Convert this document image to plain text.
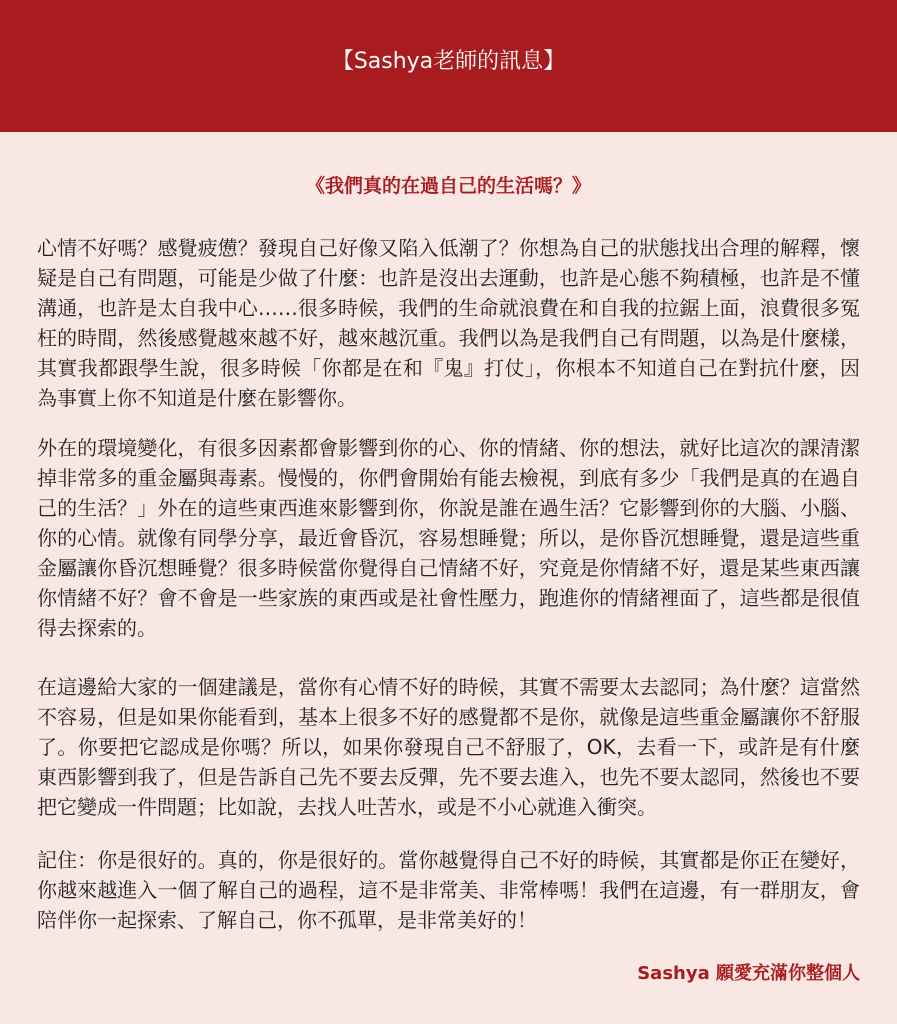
【Sashya老師的訊息】
《我們真的在過自己的生活嗎？》

心情不好嗎？感覺疲憊？發現自己好像又陷入低潮了？你想為自己的狀態找出合理的解釋，懷疑是自己有問題，可能是少做了什麼：也許是沒出去運動，也許是心態不夠積極，也許是不懂溝通，也許是太自我中心……很多時候，我們的生命就浪費在和自我的拉鋸上面，浪費很多冤枉的時間，然後感覺越來越不好，越來越沉重。我們以為是我們自己有問題，以為是什麼樣，其實我都跟學生說，很多時候「你都是在和『鬼』打仗」，你根本不知道自己在對抗什麼，因為事實上你不知道是什麼在影響你。

外在的環境變化，有很多因素都會影響到你的心、你的情緒、你的想法，就好比這次的課清潔掉非常多的重金屬與毒素。慢慢的，你們會開始有能去檢視，到底有多少「我們是真的在過自己的生活？」外在的這些東西進來影響到你，你說是誰在過生活？它影響到你的大腦、小腦、你的心情。就像有同學分享，最近會昏沉，容易想睡覺；所以，是你昏沉想睡覺，還是這些重金屬讓你昏沉想睡覺？很多時候當你覺得自己情緒不好，究竟是你情緒不好，還是某些東西讓你情緒不好？會不會是一些家族的東西或是社會性壓力，跑進你的情緒裡面了，這些都是很值得去探索的。

在這邊給大家的一個建議是，當你有心情不好的時候，其實不需要太去認同；為什麼？這當然不容易，但是如果你能看到，基本上很多不好的感覺都不是你，就像是這些重金屬讓你不舒服了。你要把它認成是你嗎？所以，如果你發現自己不舒服了，OK，去看一下，或許是有什麼東西影響到我了，但是告訴自己先不要去反彈，先不要去進入，也先不要太認同，然後也不要把它變成一件問題；比如說，去找人吐苦水，或是不小心就進入衝突。

記住：你是很好的。真的，你是很好的。當你越覺得自己不好的時候，其實都是你正在變好，你越來越進入一個了解自己的過程，這不是非常美、非常棒嗎！我們在這邊，有一群朋友，會陪伴你一起探索、了解自己，你不孤單，是非常美好的！

Sashya 願愛充滿你整個人
